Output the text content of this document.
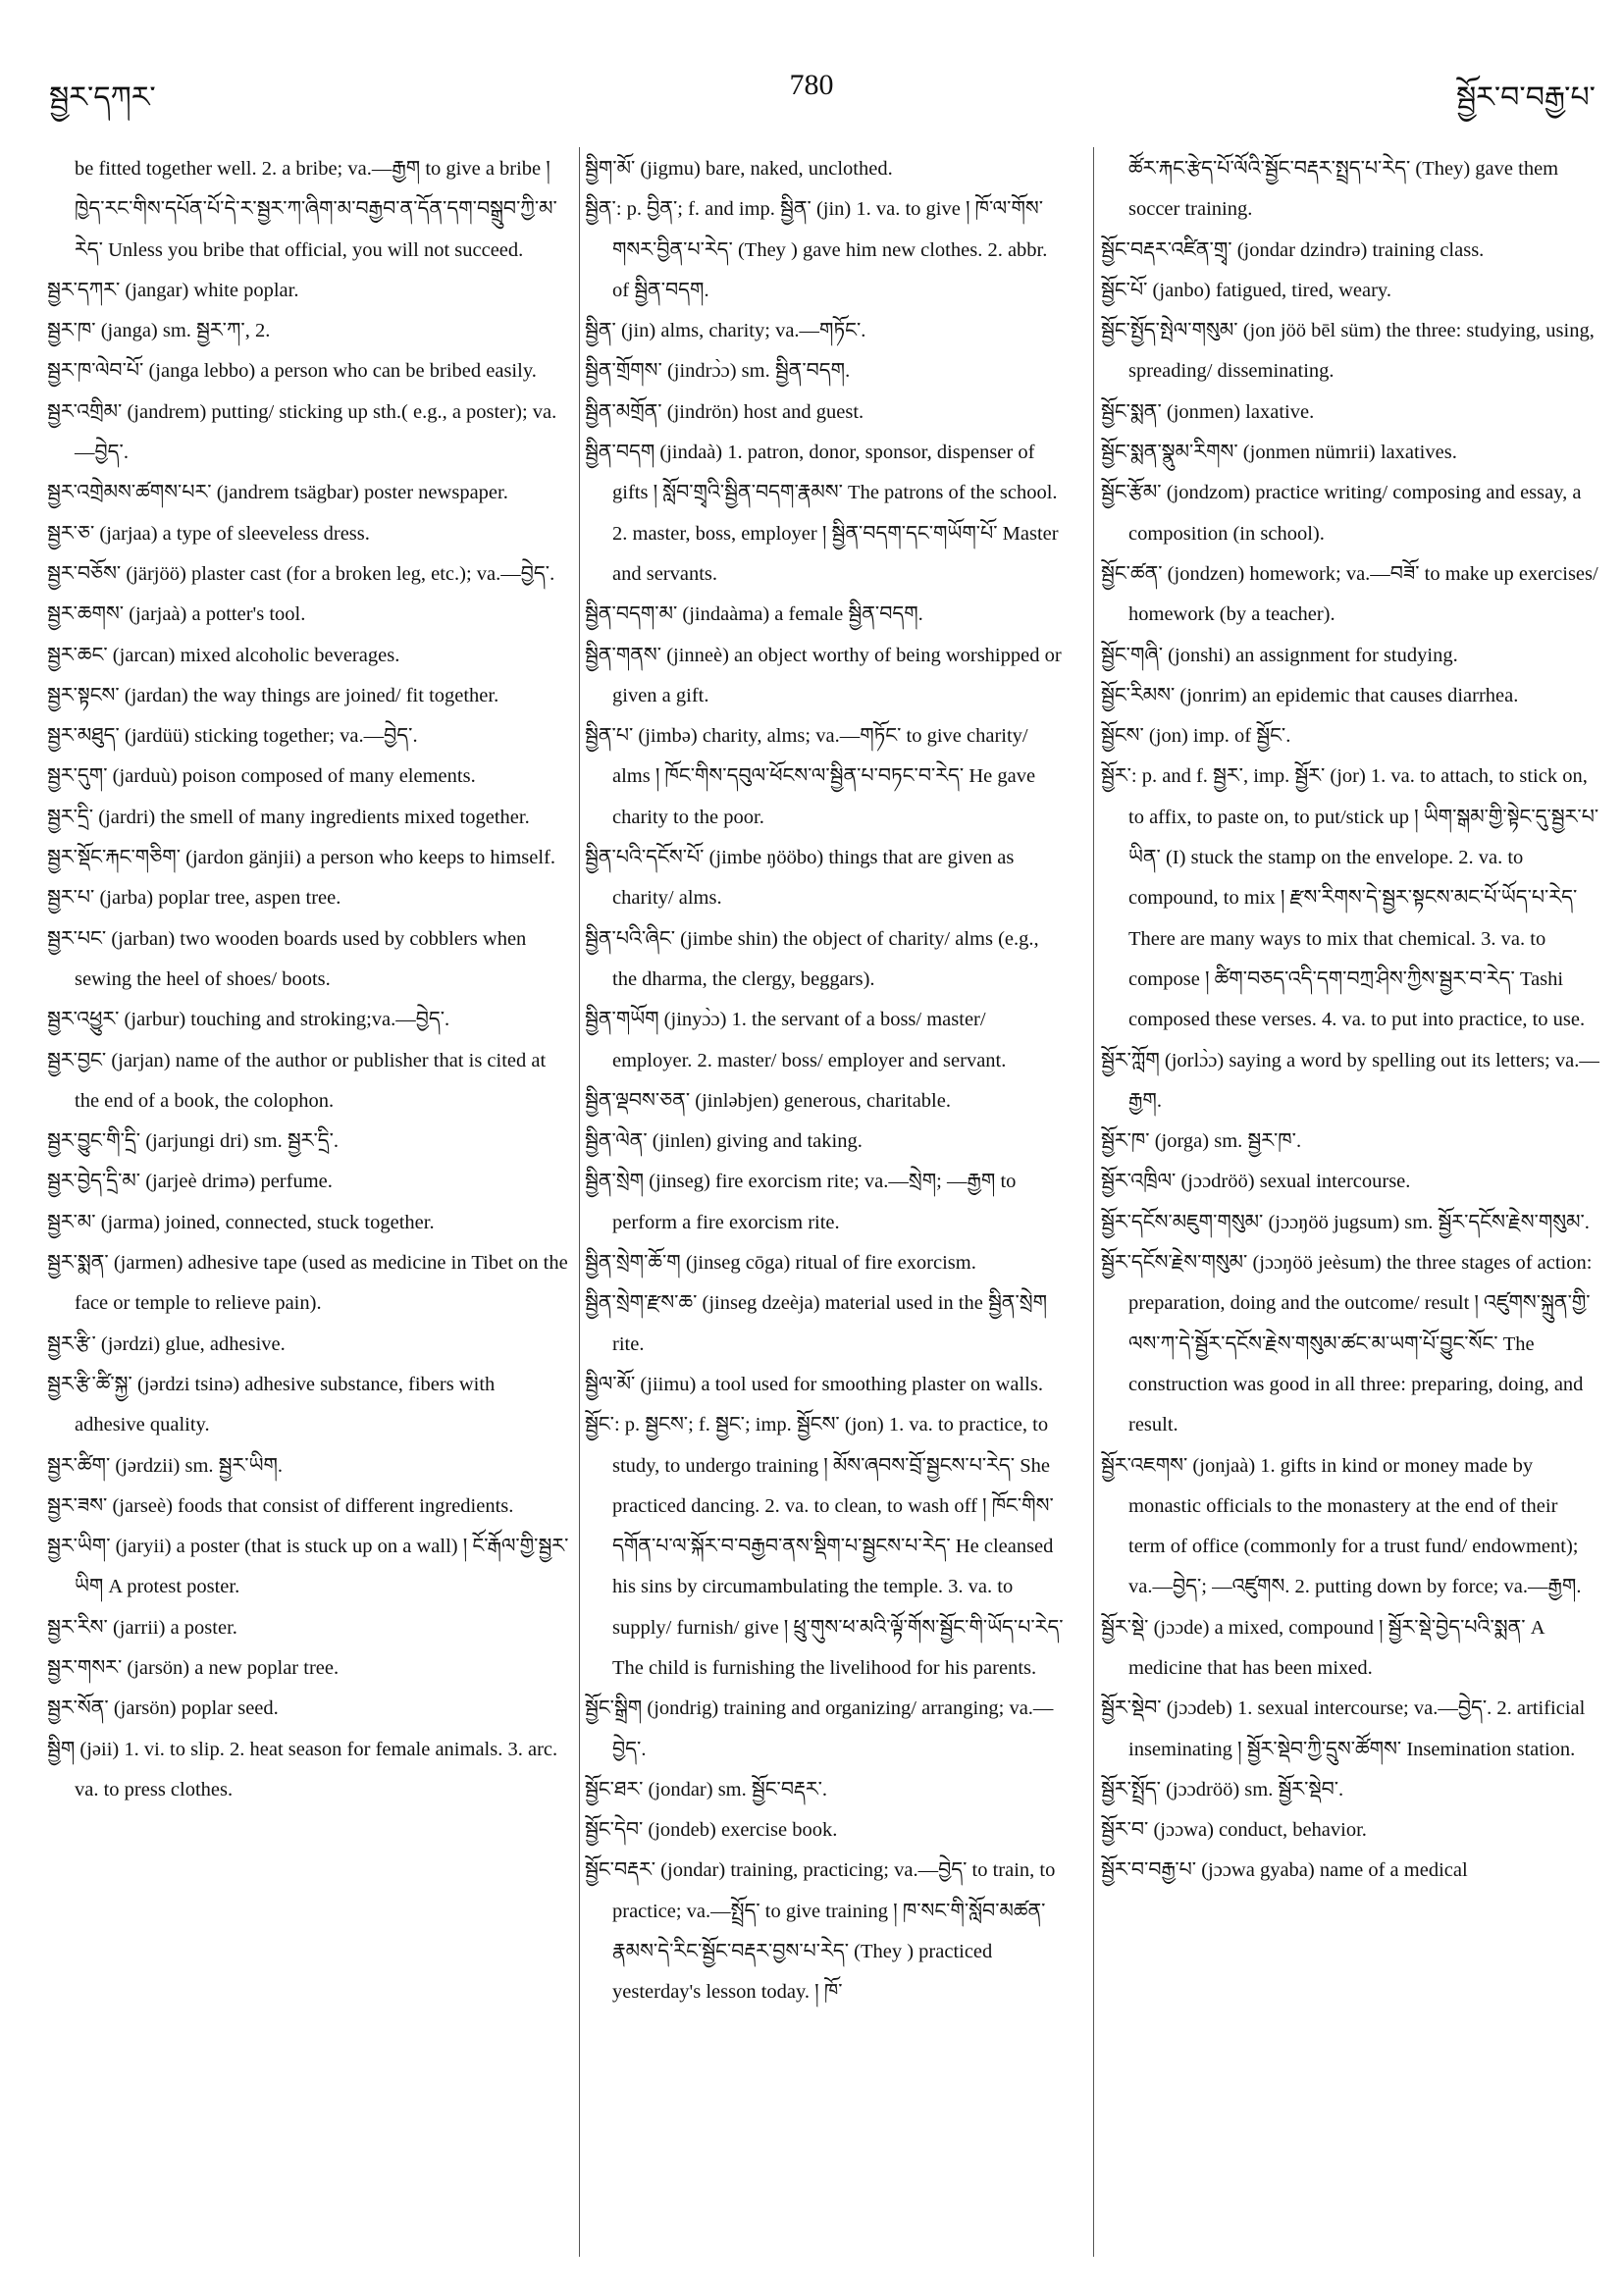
སྦྱར་དཀར་	780	སྦྱོར་བ་བརྒྱ་པ་

be fitted together well. 2. a bribe; va.—རྒྱག to give a bribe ། ཁྱེད་རང་གིས་དཔོན་པོ་དེ་ར་སྦྱར་ཀ་ཞིག་མ་བརྒྱབ་ན་དོན་དག་བསྒྲུབ་ཀྱི་མ་རེད་ Unless you bribe that official, you will not succeed.

སྦྱར་དཀར་ (jangar) white poplar.

སྦྱར་ཁ་ (janga) sm. སྦྱར་ཀ་, 2.

སྦྱར་ཁ་ལེབ་པོ་ (janga lebbo) a person who can be bribed easily.

སྦྱར་འགྲིམ་ (jandrem) putting/ sticking up sth.( e.g., a poster); va.—བྱེད་.

སྦྱར་འགྲེམས་ཚགས་པར་ (jandrem tsägbar) poster newspaper.

སྦྱར་ཅ་ (jarjaa) a type of sleeveless dress.

སྦྱར་བཅོས་ (järjöö) plaster cast (for a broken leg, etc.); va.—བྱེད་.

སྦྱར་ཆགས་ (jarjaà) a potter's tool.

སྦྱར་ཆང་ (jarcan) mixed alcoholic beverages.

སྦྱར་སྟངས་ (jardan) the way things are joined/ fit together.

སྦྱར་མཐུད་ (jardüü) sticking together; va.—བྱེད་.

སྦྱར་དུག་ (jarduù) poison composed of many elements.

སྦྱར་དྲི་ (jardri) the smell of many ingredients mixed together.

སྦྱར་སྡོང་རྐང་གཅིག་ (jardon gänjii) a person who keeps to himself.

སྦྱར་པ་ (jarba) poplar tree, aspen tree.

སྦྱར་པང་ (jarban) two wooden boards used by cobblers when sewing the heel of shoes/ boots.

སྦྱར་འཕྱུར་ (jarbur) touching and stroking;va.—བྱེད་.

སྦྱར་བྱང་ (jarjan) name of the author or publisher that is cited at the end of a book, the colophon.

སྦྱར་བྱུང་གི་དྲི་ (jarjungi dri) sm. སྦྱར་དྲི་.

སྦྱར་བྱེད་དྲི་མ་ (jarjeè drimə) perfume.

སྦྱར་མ་ (jarma) joined, connected, stuck together.

སྦྱར་སྨན་ (jarmen) adhesive tape (used as medicine in Tibet on the face or temple to relieve pain).

སྦྱར་རྩི་ (jərdzi) glue, adhesive.

སྦྱར་རྩི་ཚི་སྐྱ་ (jərdzi tsinə) adhesive substance, fibers with adhesive quality.

སྦྱར་ཚིག་ (jərdzii) sm. སྦྱར་ཡིག.

སྦྱར་ཟས་ (jarseè) foods that consist of different ingredients.

སྦྱར་ཡིག་ (jaryii) a poster (that is stuck up on a wall) ། ངོ་རྒོལ་གྱི་སྦྱར་ཡིག A protest poster.

སྦྱར་རིས་ (jarrii) a poster.

སྦྱར་གསར་ (jarsön) a new poplar tree.

སྦྱར་སོན་ (jarsön) poplar seed.

སྦྱིག (jəii) 1. vi. to slip. 2. heat season for female animals. 3. arc. va. to press clothes.

སྦྱིག་མོ་ (jigmu) bare, naked, unclothed.

སྦྱིན་: p. བྱིན་; f. and imp. སྦྱིན་ (jin) 1. va. to give ། ཁོ་ལ་གོས་གསར་བྱིན་པ་རེད་ (They ) gave him new clothes. 2. abbr. of སྦྱིན་བདག.

སྦྱིན་ (jin) alms, charity; va.—གཏོང་.

སྦྱིན་གྲོགས་ (jindrɔ̀ɔ) sm. སྦྱིན་བདག.

སྦྱིན་མགྲོན་ (jindrön) host and guest.

སྦྱིན་བདག (jindaà) 1. patron, donor, sponsor, dispenser of gifts ། སློབ་གྲྭའི་སྦྱིན་བདག་རྣམས་ The patrons of the school. 2. master, boss, employer ། སྦྱིན་བདག་དང་གཡོག་པོ་ Master and servants.

སྦྱིན་བདག་མ་ (jindaàma) a female སྦྱིན་བདག.

སྦྱིན་གནས་ (jinneè) an object worthy of being worshipped or given a gift.

སྦྱིན་པ་ (jimbə) charity, alms; va.—གཏོང་ to give charity/ alms ། ཁོང་གིས་དབུལ་ཕོངས་ལ་སྦྱིན་པ་བཏང་བ་རེད་ He gave charity to the poor.

སྦྱིན་པའི་དངོས་པོ་ (jimbe ŋööbo) things that are given as charity/ alms.

སྦྱིན་པའི་ཞིང་ (jimbe shin) the object of charity/ alms (e.g., the dharma, the clergy, beggars).

སྦྱིན་གཡོག (jinyɔ̀ɔ) 1. the servant of a boss/ master/ employer. 2. master/ boss/ employer and servant.

སྦྱིན་ལྡབས་ཅན་ (jinləbjen) generous, charitable.

སྦྱིན་ལེན་ (jinlen) giving and taking.

སྦྱིན་སྲེག (jinseg) fire exorcism rite; va.—སྲེག; —རྒྱག to perform a fire exorcism rite.

སྦྱིན་སྲེག་ཆོ་ག (jinseg cōga) ritual of fire exorcism.

སྦྱིན་སྲེག་རྫས་ཆ་ (jinseg dzeèja) material used in the སྦྱིན་སྲེག rite.

སྦྱིལ་མོ་ (jiimu) a tool used for smoothing plaster on walls.

སྦྱོང་: p. སྦྱངས་; f. སྦྱང་; imp. སྦྱོངས་ (jon) 1. va. to practice, to study, to undergo training ། མོས་ཞབས་བྲོ་སྦྱངས་པ་རེད་ She practiced dancing. 2. va. to clean, to wash off ། ཁོང་གིས་དགོན་པ་ལ་སྐོར་བ་བརྒྱབ་ནས་སྡིག་པ་སྦྱངས་པ་རེད་ He cleansed his sins by circumambulating the temple. 3. va. to supply/ furnish/ give ། ཕྲུ་གུས་ཕ་མའི་ལྟོ་གོས་སྦྱོང་གི་ཡོད་པ་རེད་ The child is furnishing the livelihood for his parents.

སྦྱོང་སྒྲིག (jondrig) training and organizing/ arranging; va.—བྱེད་.

སྦྱོང་ཐར་ (jondar) sm. སྦྱོང་བརྡར་.

སྦྱོང་དེབ་ (jondeb) exercise book.

སྦྱོང་བརྡར་ (jondar) training, practicing; va.—བྱེད་ to train, to practice; va.—སྤྲོད་ to give training ། ཁ་སང་གི་སློབ་མཚན་རྣམས་དེ་རིང་སྦྱོང་བརྡར་བྱས་པ་རེད་ (They ) practiced yesterday's lesson today. ། ཁོ་

ཚོར་རྐང་རྩེད་པོ་ལོའི་སྦྱོང་བརྡར་སྤྲད་པ་རེད་ (They) gave them soccer training.

སྦྱོང་བརྡར་འཛིན་གྲྭ་ (jondar dzindrə) training class.

སྦྱོང་པོ་ (janbo) fatigued, tired, weary.

སྦྱོང་སྤྱོད་སྤེལ་གསུམ་ (jon jöö bēl süm) the three: studying, using, spreading/ disseminating.

སྦྱོང་སྨན་ (jonmen) laxative.

སྦྱོང་སྨན་སྣུམ་རིགས་ (jonmen nümrii) laxatives.

སྦྱོང་རྩོམ་ (jondzom) practice writing/ composing and essay, a composition (in school).

སྦྱོང་ཚན་ (jondzen) homework; va.—བཟོ་ to make up exercises/ homework (by a teacher).

སྦྱོང་གཞི་ (jonshi) an assignment for studying.

སྦྱོང་རིམས་ (jonrim) an epidemic that causes diarrhea.

སྦྱོངས་ (jon) imp. of སྦྱོང་.

སྦྱོར་: p. and f. སྦྱར་, imp. སྦྱོར་ (jor) 1. va. to attach, to stick on, to affix, to paste on, to put/stick up ། ཡིག་སྒམ་གྱི་སྟེང་དུ་སྦྱར་པ་ཡིན་ (I) stuck the stamp on the envelope. 2. va. to compound, to mix ། རྫས་རིགས་དེ་སྦྱར་སྟངས་མང་པོ་ཡོད་པ་རེད་ There are many ways to mix that chemical. 3. va. to compose ། ཚིག་བཅད་འདི་དག་བཀྲ་ཤིས་ཀྱིས་སྦྱར་བ་རེད་ Tashi composed these verses. 4. va. to put into practice, to use.

སྦྱོར་ཀློག (jorlɔ̀ɔ) saying a word by spelling out its letters; va.—རྒྱག.

སྦྱོར་ཁ་ (jorga) sm. སྦྱར་ཁ་.

སྦྱོར་འཁྲིལ་ (jɔɔdröö) sexual intercourse.

སྦྱོར་དངོས་མཇུག་གསུམ་ (jɔɔŋöö jugsum) sm. སྦྱོར་དངོས་རྗེས་གསུམ་.

སྦྱོར་དངོས་རྗེས་གསུམ་ (jɔɔŋöö jeèsum) the three stages of action: preparation, doing and the outcome/ result ། འཛུགས་སྐྲུན་གྱི་ལས་ཀ་དེ་སྦྱོར་དངོས་རྗེས་གསུམ་ཚང་མ་ཡག་པོ་བྱུང་སོང་ The construction was good in all three: preparing, doing, and result.

སྦྱོར་འཇགས་ (jonjaà) 1. gifts in kind or money made by monastic officials to the monastery at the end of their term of office (commonly for a trust fund/ endowment); va.—བྱེད་; —འཛུགས. 2. putting down by force; va.—རྒྱག.

སྦྱོར་སྡེ་ (jɔɔde) a mixed, compound ། སྦྱོར་སྡེ་བྱེད་པའི་སྨན་ A medicine that has been mixed.

སྦྱོར་སྡེབ་ (jɔɔdeb) 1. sexual intercourse; va.—བྱེད་. 2. artificial inseminating ། སྦྱོར་སྡེབ་ཀྱི་དྲུས་ཚོགས་ Insemination station.

སྦྱོར་སྤྲོད་ (jɔɔdröö) sm. སྦྱོར་སྡེབ་.

སྦྱོར་བ་ (jɔɔwa) conduct, behavior.

སྦྱོར་བ་བརྒྱ་པ་ (jɔɔwa gyaba) name of a medical
